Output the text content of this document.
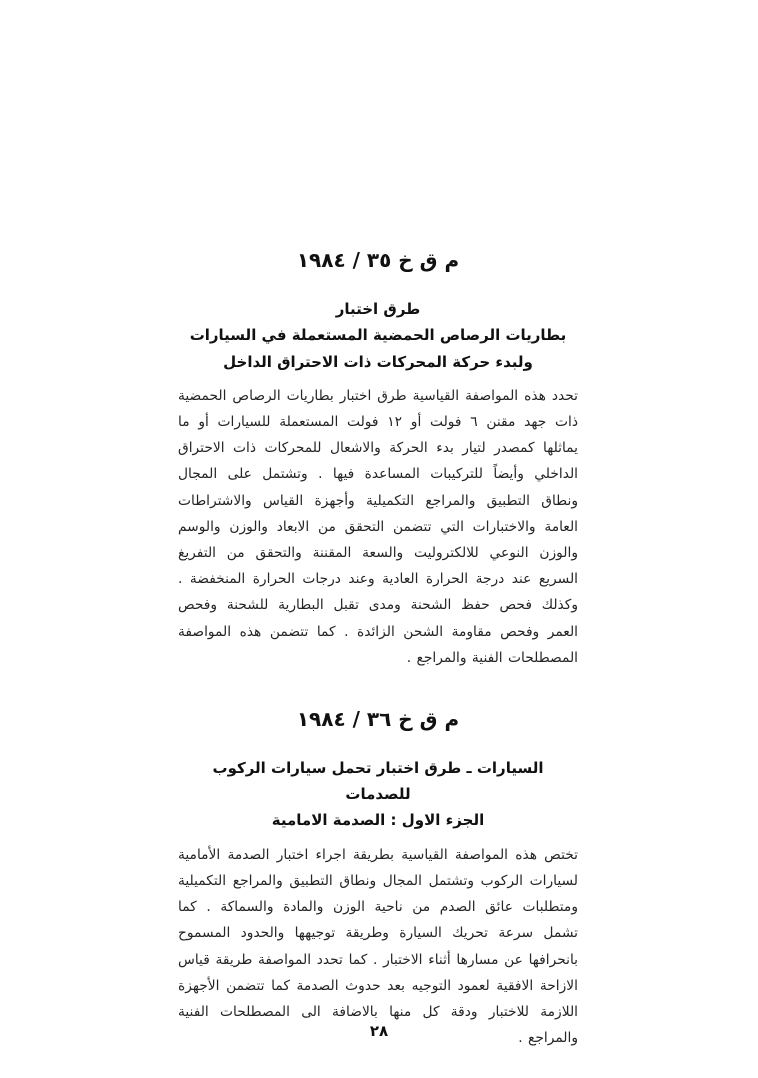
م ق خ ٣٥ / ١٩٨٤
طرق اختبار
بطاريات الرصاص الحمضية المستعملة في السيارات
ولبدء حركة المحركات ذات الاحتراق الداخل
تحدد هذه المواصفة القياسية طرق اختبار بطاريات الرصاص الحمضية ذات جهد مقنن ٦ فولت أو ١٢ فولت المستعملة للسيارات أو ما يماثلها كمصدر لتيار بدء الحركة والاشعال للمحركات ذات الاحتراق الداخلي وأيضاً للتركيبات المساعدة فيها . وتشتمل على المجال ونطاق التطبيق والمراجع التكميلية وأجهزة القياس والاشتراطات العامة والاختبارات التي تتضمن التحقق من الابعاد والوزن والوسم والوزن النوعي للالكتروليت والسعة المقننة والتحقق من التفريغ السريع عند درجة الحرارة العادية وعند درجات الحرارة المنخفضة . وكذلك فحص حفظ الشحنة ومدى تقبل البطارية للشحنة وفحص العمر وفحص مقاومة الشحن الزائدة . كما تتضمن هذه المواصفة المصطلحات الفنية والمراجع .
م ق خ ٣٦ / ١٩٨٤
السيارات ـ طرق اختبار تحمل سيارات الركوب للصدمات
الجزء الاول : الصدمة الامامية
تختص هذه المواصفة القياسية بطريقة اجراء اختبار الصدمة الأمامية لسيارات الركوب وتشتمل المجال ونطاق التطبيق والمراجع التكميلية ومتطلبات عائق الصدم من ناحية الوزن والمادة والسماكة . كما تشمل سرعة تحريك السيارة وطريقة توجيهها والحدود المسموح بانحرافها عن مسارها أثناء الاختبار . كما تحدد المواصفة طريقة قياس الازاحة الافقية لعمود التوجيه بعد حدوث الصدمة كما تتضمن الأجهزة اللازمة للاختبار ودقة كل منها بالاضافة الى المصطلحات الفنية والمراجع .
٢٨
